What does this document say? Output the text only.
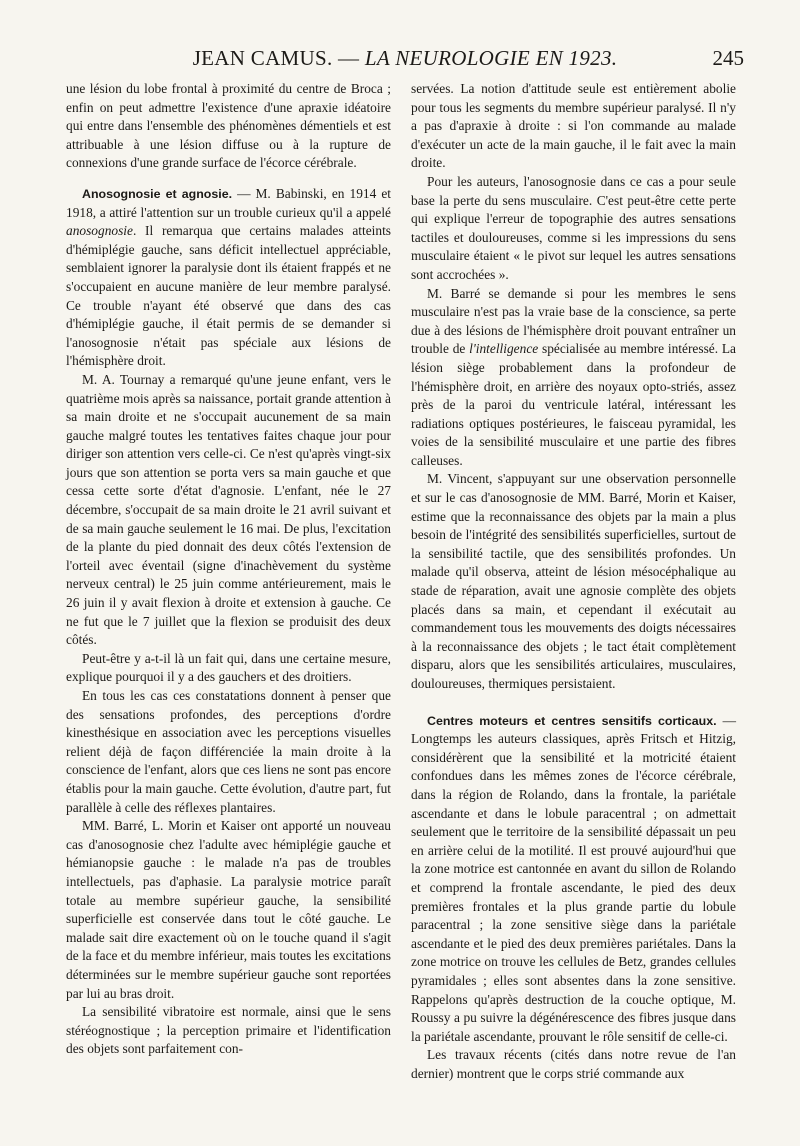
JEAN CAMUS. — LA NEUROLOGIE EN 1923.	245

une lésion du lobe frontal à proximité du centre de Broca ; enfin on peut admettre l'existence d'une apraxie idéatoire qui entre dans l'ensemble des phénomènes démentiels et est attribuable à une lésion diffuse ou à la rupture de connexions d'une grande surface de l'écorce cérébrale.

Anosognosie et agnosie. — M. Babinski, en 1914 et 1918, a attiré l'attention sur un trouble curieux qu'il a appelé anosognosie. Il remarqua que certains malades atteints d'hémiplégie gauche, sans déficit intellectuel appréciable, semblaient ignorer la paralysie dont ils étaient frappés et ne s'occupaient en aucune manière de leur membre paralysé. Ce trouble n'ayant été observé que dans des cas d'hémiplégie gauche, il était permis de se demander si l'anosognosie n'était pas spéciale aux lésions de l'hémisphère droit.

M. A. Tournay a remarqué qu'une jeune enfant, vers le quatrième mois après sa naissance, portait grande attention à sa main droite et ne s'occupait aucunement de sa main gauche malgré toutes les tentatives faites chaque jour pour diriger son attention vers celle-ci. Ce n'est qu'après vingt-six jours que son attention se porta vers sa main gauche et que cessa cette sorte d'état d'agnosie. L'enfant, née le 27 décembre, s'occupait de sa main droite le 21 avril suivant et de sa main gauche seulement le 16 mai. De plus, l'excitation de la plante du pied donnait des deux côtés l'extension de l'orteil avec éventail (signe d'inachèvement du système nerveux central) le 25 juin comme antérieurement, mais le 26 juin il y avait flexion à droite et extension à gauche. Ce ne fut que le 7 juillet que la flexion se produisit des deux côtés.

Peut-être y a-t-il là un fait qui, dans une certaine mesure, explique pourquoi il y a des gauchers et des droitiers.

En tous les cas ces constatations donnent à penser que des sensations profondes, des perceptions d'ordre kinesthésique en association avec les perceptions visuelles relient déjà de façon différenciée la main droite à la conscience de l'enfant, alors que ces liens ne sont pas encore établis pour la main gauche. Cette évolution, d'autre part, fut parallèle à celle des réflexes plantaires.

MM. Barré, L. Morin et Kaiser ont apporté un nouveau cas d'anosognosie chez l'adulte avec hémiplégie gauche et hémianopsie gauche : le malade n'a pas de troubles intellectuels, pas d'aphasie. La paralysie motrice paraît totale au membre supérieur gauche, la sensibilité superficielle est conservée dans tout le côté gauche. Le malade sait dire exactement où on le touche quand il s'agit de la face et du membre inférieur, mais toutes les excitations déterminées sur le membre supérieur gauche sont reportées par lui au bras droit.

La sensibilité vibratoire est normale, ainsi que le sens stéréognostique ; la perception primaire et l'identification des objets sont parfaitement con-

servées. La notion d'attitude seule est entièrement abolie pour tous les segments du membre supérieur paralysé. Il n'y a pas d'apraxie à droite : si l'on commande au malade d'exécuter un acte de la main gauche, il le fait avec la main droite.

Pour les auteurs, l'anosognosie dans ce cas a pour seule base la perte du sens musculaire. C'est peut-être cette perte qui explique l'erreur de topographie des autres sensations tactiles et douloureuses, comme si les impressions du sens musculaire étaient « le pivot sur lequel les autres sensations sont accrochées ».

M. Barré se demande si pour les membres le sens musculaire n'est pas la vraie base de la conscience, sa perte due à des lésions de l'hémisphère droit pouvant entraîner un trouble de l'intelligence spécialisée au membre intéressé. La lésion siège probablement dans la profondeur de l'hémisphère droit, en arrière des noyaux opto-striés, assez près de la paroi du ventricule latéral, intéressant les radiations optiques postérieures, le faisceau pyramidal, les voies de la sensibilité musculaire et une partie des fibres calleuses.

M. Vincent, s'appuyant sur une observation personnelle et sur le cas d'anosognosie de MM. Barré, Morin et Kaiser, estime que la reconnaissance des objets par la main a plus besoin de l'intégrité des sensibilités superficielles, surtout de la sensibilité tactile, que des sensibilités profondes. Un malade qu'il observa, atteint de lésion mésocéphalique au stade de réparation, avait une agnosie complète des objets placés dans sa main, et cependant il exécutait au commandement tous les mouvements des doigts nécessaires à la reconnaissance des objets ; le tact était complètement disparu, alors que les sensibilités articulaires, musculaires, douloureuses, thermiques persistaient.

Centres moteurs et centres sensitifs corticaux. — Longtemps les auteurs classiques, après Fritsch et Hitzig, considérèrent que la sensibilité et la motricité étaient confondues dans les mêmes zones de l'écorce cérébrale, dans la région de Rolando, dans la frontale, la pariétale ascendante et dans le lobule paracentral ; on admettait seulement que le territoire de la sensibilité dépassait un peu en arrière celui de la motilité. Il est prouvé aujourd'hui que la zone motrice est cantonnée en avant du sillon de Rolando et comprend la frontale ascendante, le pied des deux premières frontales et la plus grande partie du lobule paracentral ; la zone sensitive siège dans la pariétale ascendante et le pied des deux premières pariétales. Dans la zone motrice on trouve les cellules de Betz, grandes cellules pyramidales ; elles sont absentes dans la zone sensitive. Rappelons qu'après destruction de la couche optique, M. Roussy a pu suivre la dégénérescence des fibres jusque dans la pariétale ascendante, prouvant le rôle sensitif de celle-ci.

Les travaux récents (cités dans notre revue de l'an dernier) montrent que le corps strié commande aux
